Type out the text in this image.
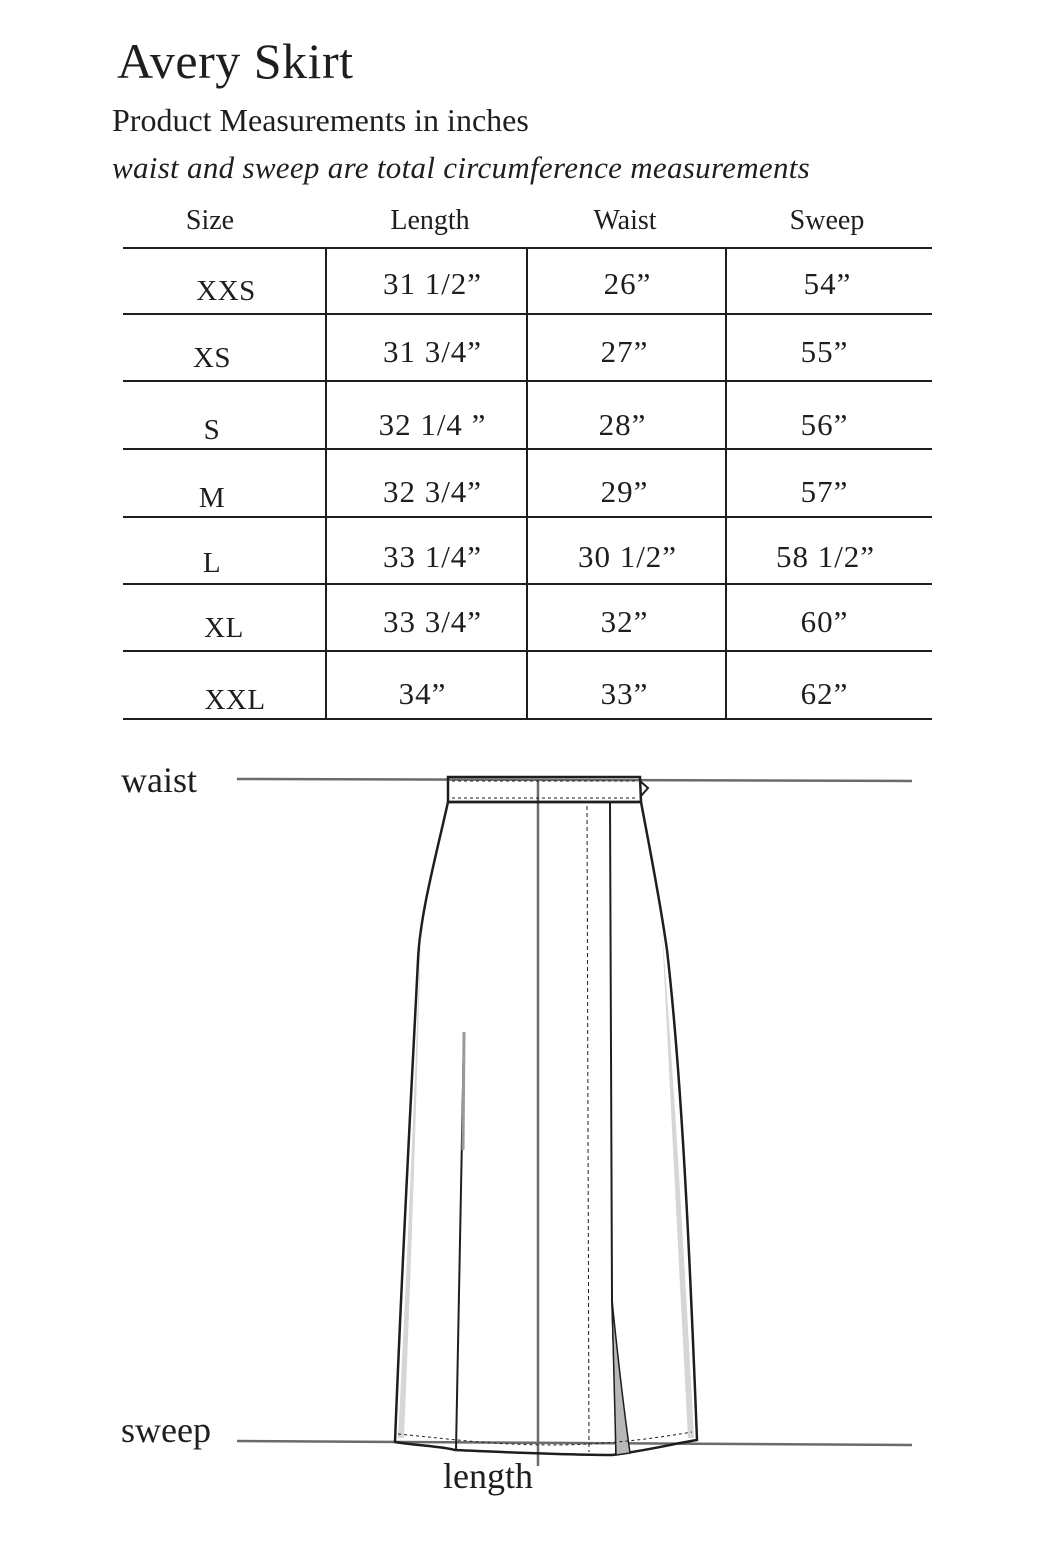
Avery Skirt
Product Measurements in inches
waist and sweep are total circumference measurements
Size	Length	Waist	Sweep
XXS	31 1/2”	26”	54”
XS	31 3/4”	27”	55”
S	32 1/4 ”	28”	56”
M	32 3/4”	29”	57”
L	33 1/4”	30 1/2”	58 1/2”
XL	33 3/4”	32”	60”
XXL	34”	33”	62”
waist
sweep
length
